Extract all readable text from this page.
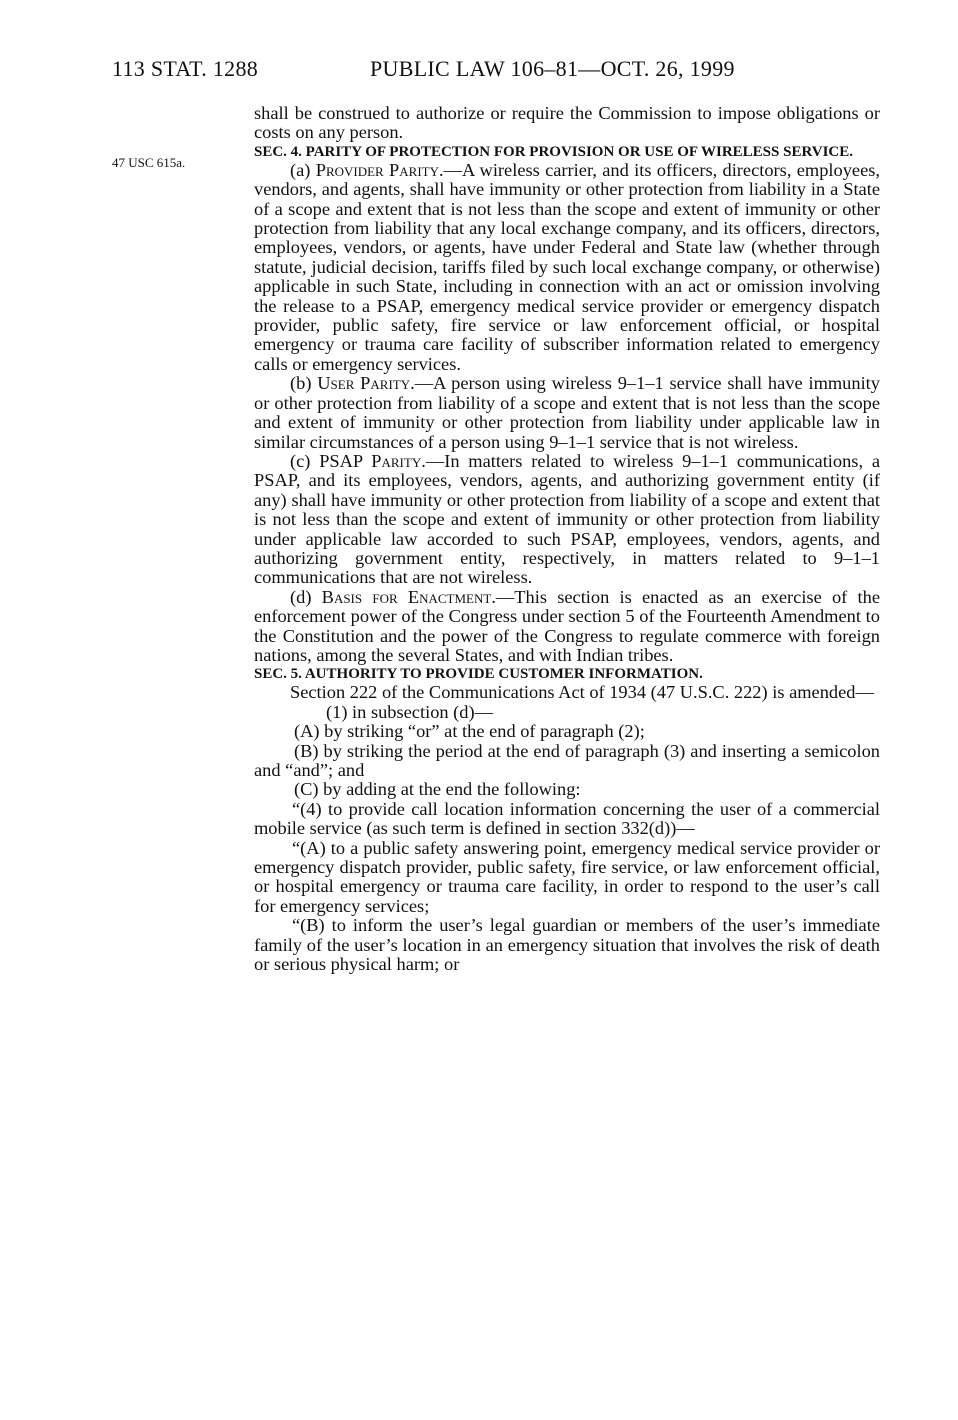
113 STAT. 1288	PUBLIC LAW 106–81—OCT. 26, 1999
47 USC 615a.

shall be construed to authorize or require the Commission to impose obligations or costs on any person.

SEC. 4. PARITY OF PROTECTION FOR PROVISION OR USE OF WIRELESS SERVICE.

(a) Provider Parity.—A wireless carrier, and its officers, directors, employees, vendors, and agents, shall have immunity or other protection from liability in a State of a scope and extent that is not less than the scope and extent of immunity or other protection from liability that any local exchange company, and its officers, directors, employees, vendors, or agents, have under Federal and State law (whether through statute, judicial decision, tariffs filed by such local exchange company, or otherwise) applicable in such State, including in connection with an act or omission involving the release to a PSAP, emergency medical service provider or emergency dispatch provider, public safety, fire service or law enforcement official, or hospital emergency or trauma care facility of subscriber information related to emergency calls or emergency services.

(b) User Parity.—A person using wireless 9–1–1 service shall have immunity or other protection from liability of a scope and extent that is not less than the scope and extent of immunity or other protection from liability under applicable law in similar circumstances of a person using 9–1–1 service that is not wireless.

(c) PSAP Parity.—In matters related to wireless 9–1–1 communications, a PSAP, and its employees, vendors, agents, and authorizing government entity (if any) shall have immunity or other protection from liability of a scope and extent that is not less than the scope and extent of immunity or other protection from liability under applicable law accorded to such PSAP, employees, vendors, agents, and authorizing government entity, respectively, in matters related to 9–1–1 communications that are not wireless.

(d) Basis for Enactment.—This section is enacted as an exercise of the enforcement power of the Congress under section 5 of the Fourteenth Amendment to the Constitution and the power of the Congress to regulate commerce with foreign nations, among the several States, and with Indian tribes.

SEC. 5. AUTHORITY TO PROVIDE CUSTOMER INFORMATION.

Section 222 of the Communications Act of 1934 (47 U.S.C. 222) is amended—

(1) in subsection (d)—

(A) by striking “or” at the end of paragraph (2);

(B) by striking the period at the end of paragraph (3) and inserting a semicolon and “and”; and

(C) by adding at the end the following:

“(4) to provide call location information concerning the user of a commercial mobile service (as such term is defined in section 332(d))—

“(A) to a public safety answering point, emergency medical service provider or emergency dispatch provider, public safety, fire service, or law enforcement official, or hospital emergency or trauma care facility, in order to respond to the user’s call for emergency services;

“(B) to inform the user’s legal guardian or members of the user’s immediate family of the user’s location in an emergency situation that involves the risk of death or serious physical harm; or
